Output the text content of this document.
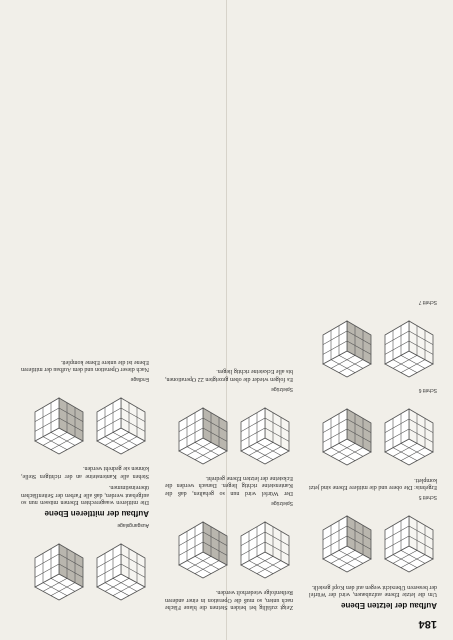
184
Aufbau der letzten Ebene

Um die letzte Ebene aufzubauen, wird der Würfel der besseren Übersicht wegen auf den Kopf gestellt.

Schritt 5

Ergebnis: Die obere und die mittlere Ebene sind jetzt komplett.

Schritt 6
Schritt 7

Zeigt zufällig bei beiden Steinen die blaue Fläche nach unten, so muß die Operation in einer anderen Reihenfolge wiederholt werden.

Spielzüge

Der Würfel wird nun so gehalten, daß die Kantensteine richtig liegen. Danach werden die Ecksteine der letzten Ebene gedreht.

Spielzüge

Es folgen wieder die oben gezeigten 22 Operationen, bis alle Ecksteine richtig liegen.

Ausgangslage
Aufbau der mittleren Ebene

Die mittleren waagerechten Ebenen müssen nun so aufgebaut werden, daß alle Farben der Seitenflächen übereinstimmen.

Stehen alle Kantensteine an der richtigen Stelle, können sie gedreht werden.

Endlage

Nach dieser Operation und dem Aufbau der mittleren Ebene ist die untere Ebene komplett.
